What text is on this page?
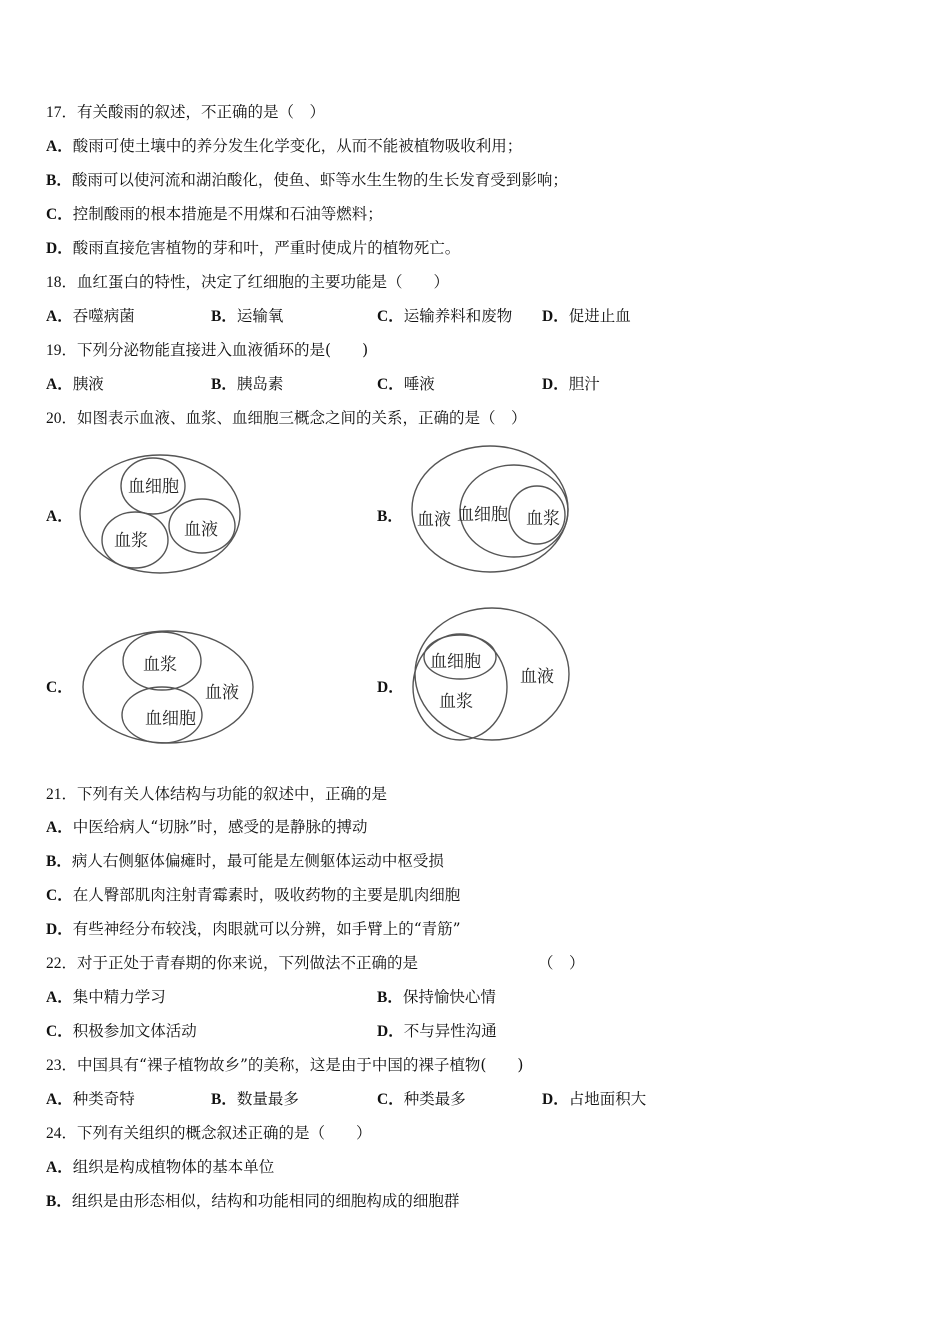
17．有关酸雨的叙述，不正确的是（　）
A．酸雨可使土壤中的养分发生化学变化，从而不能被植物吸收利用；
B．酸雨可以使河流和湖泊酸化，使鱼、虾等水生生物的生长发育受到影响；
C．控制酸雨的根本措施是不用煤和石油等燃料；
D．酸雨直接危害植物的芽和叶，严重时使成片的植物死亡。
18．血红蛋白的特性，决定了红细胞的主要功能是（　　）
A．吞噬病菌	B．运输氧	C．运输养料和废物 D．促进止血
19．下列分泌物能直接进入血液循环的是(　　)
A．胰液	B．胰岛素	C．唾液	D．胆汁
20．如图表示血液、血浆、血细胞三概念之间的关系，正确的是（　）
A．
血细胞
血浆
血液
B． 血液 血细胞 血浆
C．
血浆
血液
血细胞
D．
血细胞
血浆
血液
21．下列有关人体结构与功能的叙述中，正确的是
A．中医给病人“切脉”时，感受的是静脉的搏动
B．病人右侧躯体偏瘫时，最可能是左侧躯体运动中枢受损
C．在人臀部肌肉注射青霉素时，吸收药物的主要是肌肉细胞
D．有些神经分布较浅，肉眼就可以分辨，如手臂上的“青筋”
22．对于正处于青春期的你来说，下列做法不正确的是	（　）
A．集中精力学习	B．保持愉快心情
C．积极参加文体活动	D．不与异性沟通
23．中国具有“裸子植物故乡”的美称，这是由于中国的裸子植物(　　)
A．种类奇特	B．数量最多	C．种类最多	D．占地面积大
24．下列有关组织的概念叙述正确的是（　　）
A．组织是构成植物体的基本单位
B．组织是由形态相似，结构和功能相同的细胞构成的细胞群
